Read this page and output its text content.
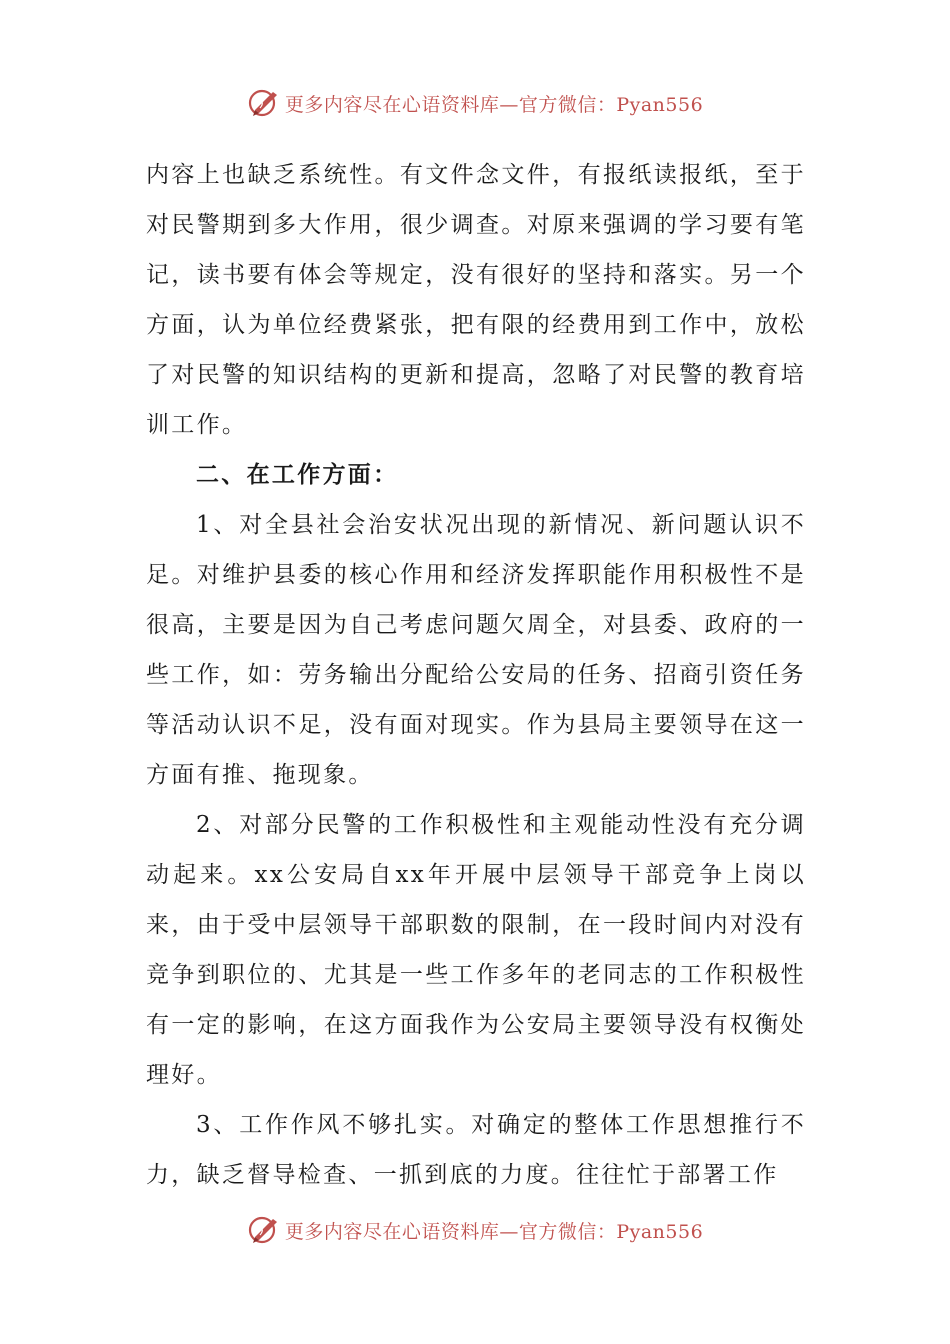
更多内容尽在心语资料库—官方微信：Pyan556

内容上也缺乏系统性。有文件念文件，有报纸读报纸，至于对民警期到多大作用，很少调查。对原来强调的学习要有笔记，读书要有体会等规定，没有很好的坚持和落实。另一个方面，认为单位经费紧张，把有限的经费用到工作中，放松了对民警的知识结构的更新和提高，忽略了对民警的教育培训工作。

二、在工作方面：

1、对全县社会治安状况出现的新情况、新问题认识不足。对维护县委的核心作用和经济发挥职能作用积极性不是很高，主要是因为自己考虑问题欠周全，对县委、政府的一些工作，如：劳务输出分配给公安局的任务、招商引资任务等活动认识不足，没有面对现实。作为县局主要领导在这一方面有推、拖现象。

2、对部分民警的工作积极性和主观能动性没有充分调动起来。xx公安局自xx年开展中层领导干部竞争上岗以来，由于受中层领导干部职数的限制，在一段时间内对没有竞争到职位的、尤其是一些工作多年的老同志的工作积极性有一定的影响，在这方面我作为公安局主要领导没有权衡处理好。

3、工作作风不够扎实。对确定的整体工作思想推行不力，缺乏督导检查、一抓到底的力度。往往忙于部署工作

更多内容尽在心语资料库—官方微信：Pyan556
